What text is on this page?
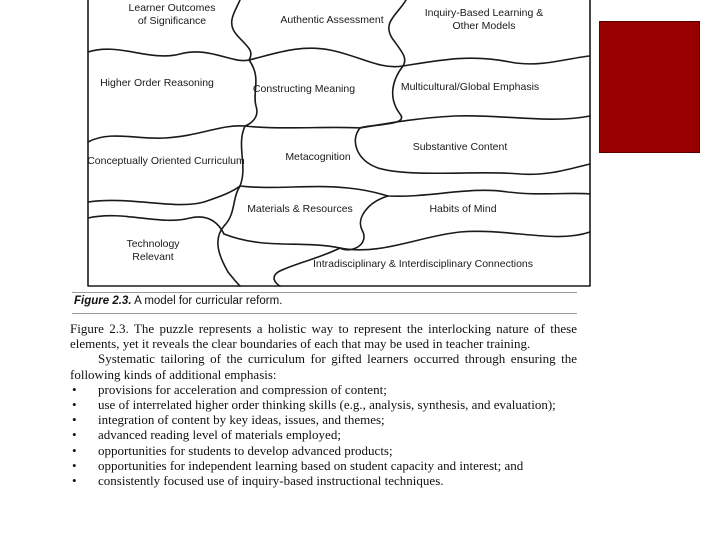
Learner Outcomes
of Significance	Authentic Assessment
Inquiry-Based Learning &
Other Models
Higher Order Reasoning	Constructing Meaning	Multicultural/Global Emphasis
Substantive Content
Conceptually Oriented Curriculum	Metacognition
Materials & Resources	Habits of Mind
Technology
Relevant
Intradisciplinary & Interdisciplinary Connections
Figure 2.3. A model for curricular reform.

Figure 2.3. The puzzle represents a holistic way to represent the interlocking nature of these elements, yet it reveals the clear boundaries of each that may be used in teacher training.

Systematic tailoring of the curriculum for gifted learners occurred through ensuring the following kinds of additional emphasis:

• provisions for acceleration and compression of content;
• use of interrelated higher order thinking skills (e.g., analysis, synthesis, and evaluation);
• integration of content by key ideas, issues, and themes;
• advanced reading level of materials employed;
• opportunities for students to develop advanced products;
• opportunities for independent learning based on student capacity and interest; and
• consistently focused use of inquiry-based instructional techniques.
